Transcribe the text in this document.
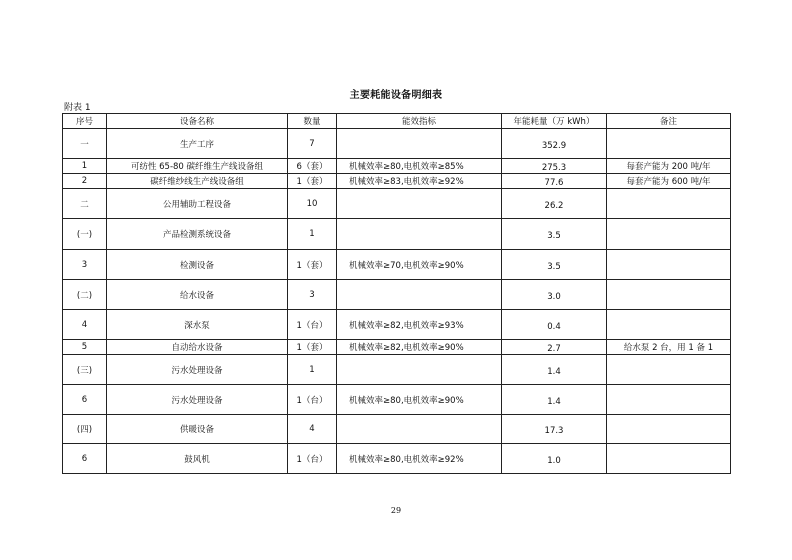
主要耗能设备明细表
附表 1
序号	设备名称	数量	能效指标	年能耗量（万 kWh）	备注
一	生产工序	7		352.9	
1	可纺性 65-80 碳纤维生产线设备组	6（套）	机械效率≥80,电机效率≥85%	275.3	每套产能为 200 吨/年
2	碳纤维纱线生产线设备组	1（套）	机械效率≥83,电机效率≥92%	77.6	每套产能为 600 吨/年
二	公用辅助工程设备	10		26.2	
(一)	产品检测系统设备	1		3.5	
3	检测设备	1（套）	机械效率≥70,电机效率≥90%	3.5	
(二)	给水设备	3		3.0	
4	深水泵	1（台）	机械效率≥82,电机效率≥93%	0.4	
5	自动给水设备	1（套）	机械效率≥82,电机效率≥90%	2.7	给水泵 2 台，用 1 备 1
(三)	污水处理设备	1		1.4	
6	污水处理设备	1（台）	机械效率≥80,电机效率≥90%	1.4	
(四)	供暖设备	4		17.3	
6	鼓风机	1（台）	机械效率≥80,电机效率≥92%	1.0	
29
